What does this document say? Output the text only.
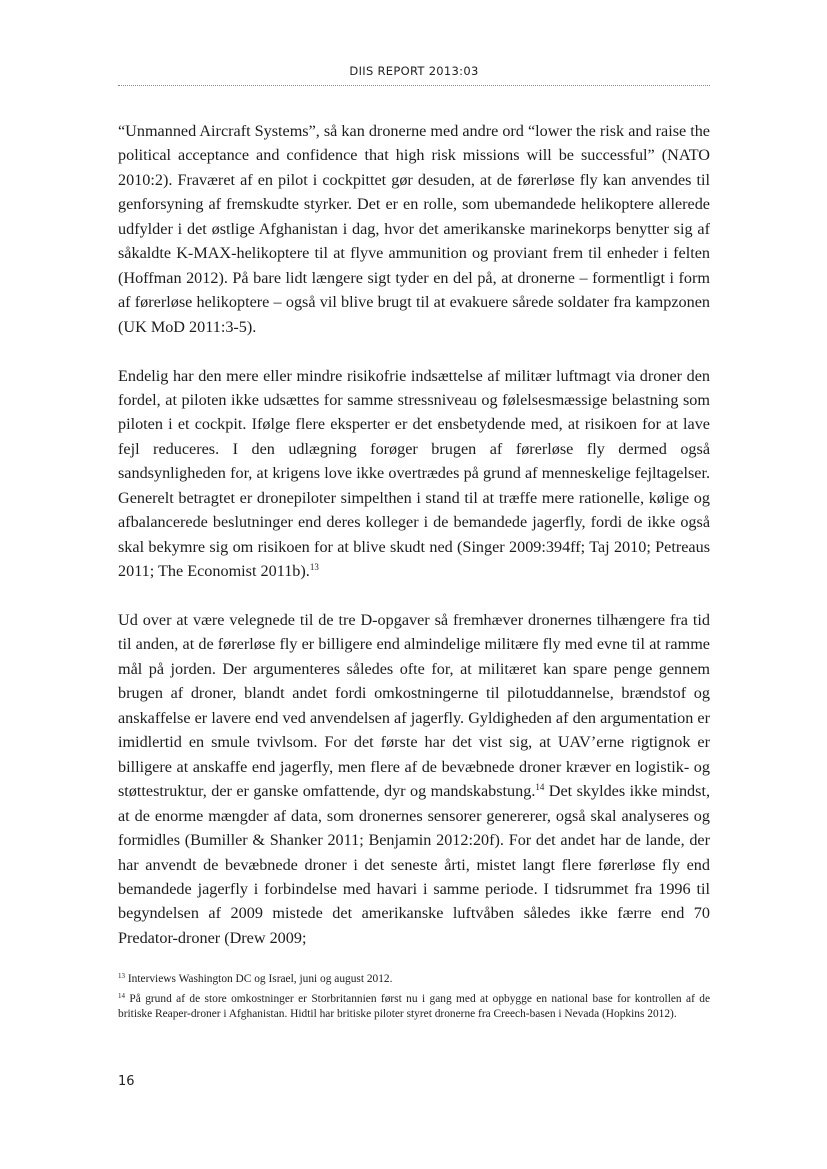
DIIS REPORT 2013:03

“Unmanned Aircraft Systems”, så kan dronerne med andre ord “lower the risk and raise the political acceptance and confidence that high risk missions will be successful” (NATO 2010:2). Fraværet af en pilot i cockpittet gør desuden, at de førerløse fly kan anvendes til genforsyning af fremskudte styrker. Det er en rolle, som ubemandede helikoptere allerede udfylder i det østlige Afghanistan i dag, hvor det amerikanske marinekorps benytter sig af såkaldte K-MAX-helikoptere til at flyve ammunition og proviant frem til enheder i felten (Hoffman 2012). På bare lidt længere sigt tyder en del på, at dronerne – formentligt i form af førerløse helikoptere – også vil blive brugt til at evakuere sårede soldater fra kampzonen (UK MoD 2011:3-5).

Endelig har den mere eller mindre risikofrie indsættelse af militær luftmagt via droner den fordel, at piloten ikke udsættes for samme stressniveau og følelsesmæssige belastning som piloten i et cockpit. Ifølge flere eksperter er det ensbetydende med, at risikoen for at lave fejl reduceres. I den udlægning forøger brugen af førerløse fly dermed også sandsynligheden for, at krigens love ikke overtrædes på grund af menneskelige fejltagelser. Generelt betragtet er dronepiloter simpelthen i stand til at træffe mere rationelle, kølige og afbalancerede beslutninger end deres kolleger i de bemandede jagerfly, fordi de ikke også skal bekymre sig om risikoen for at blive skudt ned (Singer 2009:394ff; Taj 2010; Petreaus 2011; The Economist 2011b).$^{13}$

Ud over at være velegnede til de tre D-opgaver så fremhæver dronernes tilhængere fra tid til anden, at de førerløse fly er billigere end almindelige militære fly med evne til at ramme mål på jorden. Der argumenteres således ofte for, at militæret kan spare penge gennem brugen af droner, blandt andet fordi omkostningerne til pilotuddannelse, brændstof og anskaffelse er lavere end ved anvendelsen af jagerfly. Gyldigheden af den argumentation er imidlertid en smule tvivlsom. For det første har det vist sig, at UAV’erne rigtignok er billigere at anskaffe end jagerfly, men flere af de bevæbnede droner kræver en logistik- og støttestruktur, der er ganske omfattende, dyr og mandskabstung.$^{14}$ Det skyldes ikke mindst, at de enorme mængder af data, som dronernes sensorer genererer, også skal analyseres og formidles (Bumiller & Shanker 2011; Benjamin 2012:20f). For det andet har de lande, der har anvendt de bevæbnede droner i det seneste årti, mistet langt flere førerløse fly end bemandede jagerfly i forbindelse med havari i samme periode. I tidsrummet fra 1996 til begyndelsen af 2009 mistede det amerikanske luftvåben således ikke færre end 70 Predator-droner (Drew 2009;

$^{13}$ Interviews Washington DC og Israel, juni og august 2012.

$^{14}$ På grund af de store omkostninger er Storbritannien først nu i gang med at opbygge en national base for kontrollen af de britiske Reaper-droner i Afghanistan. Hidtil har britiske piloter styret dronerne fra Creech-basen i Nevada (Hopkins 2012).

16
